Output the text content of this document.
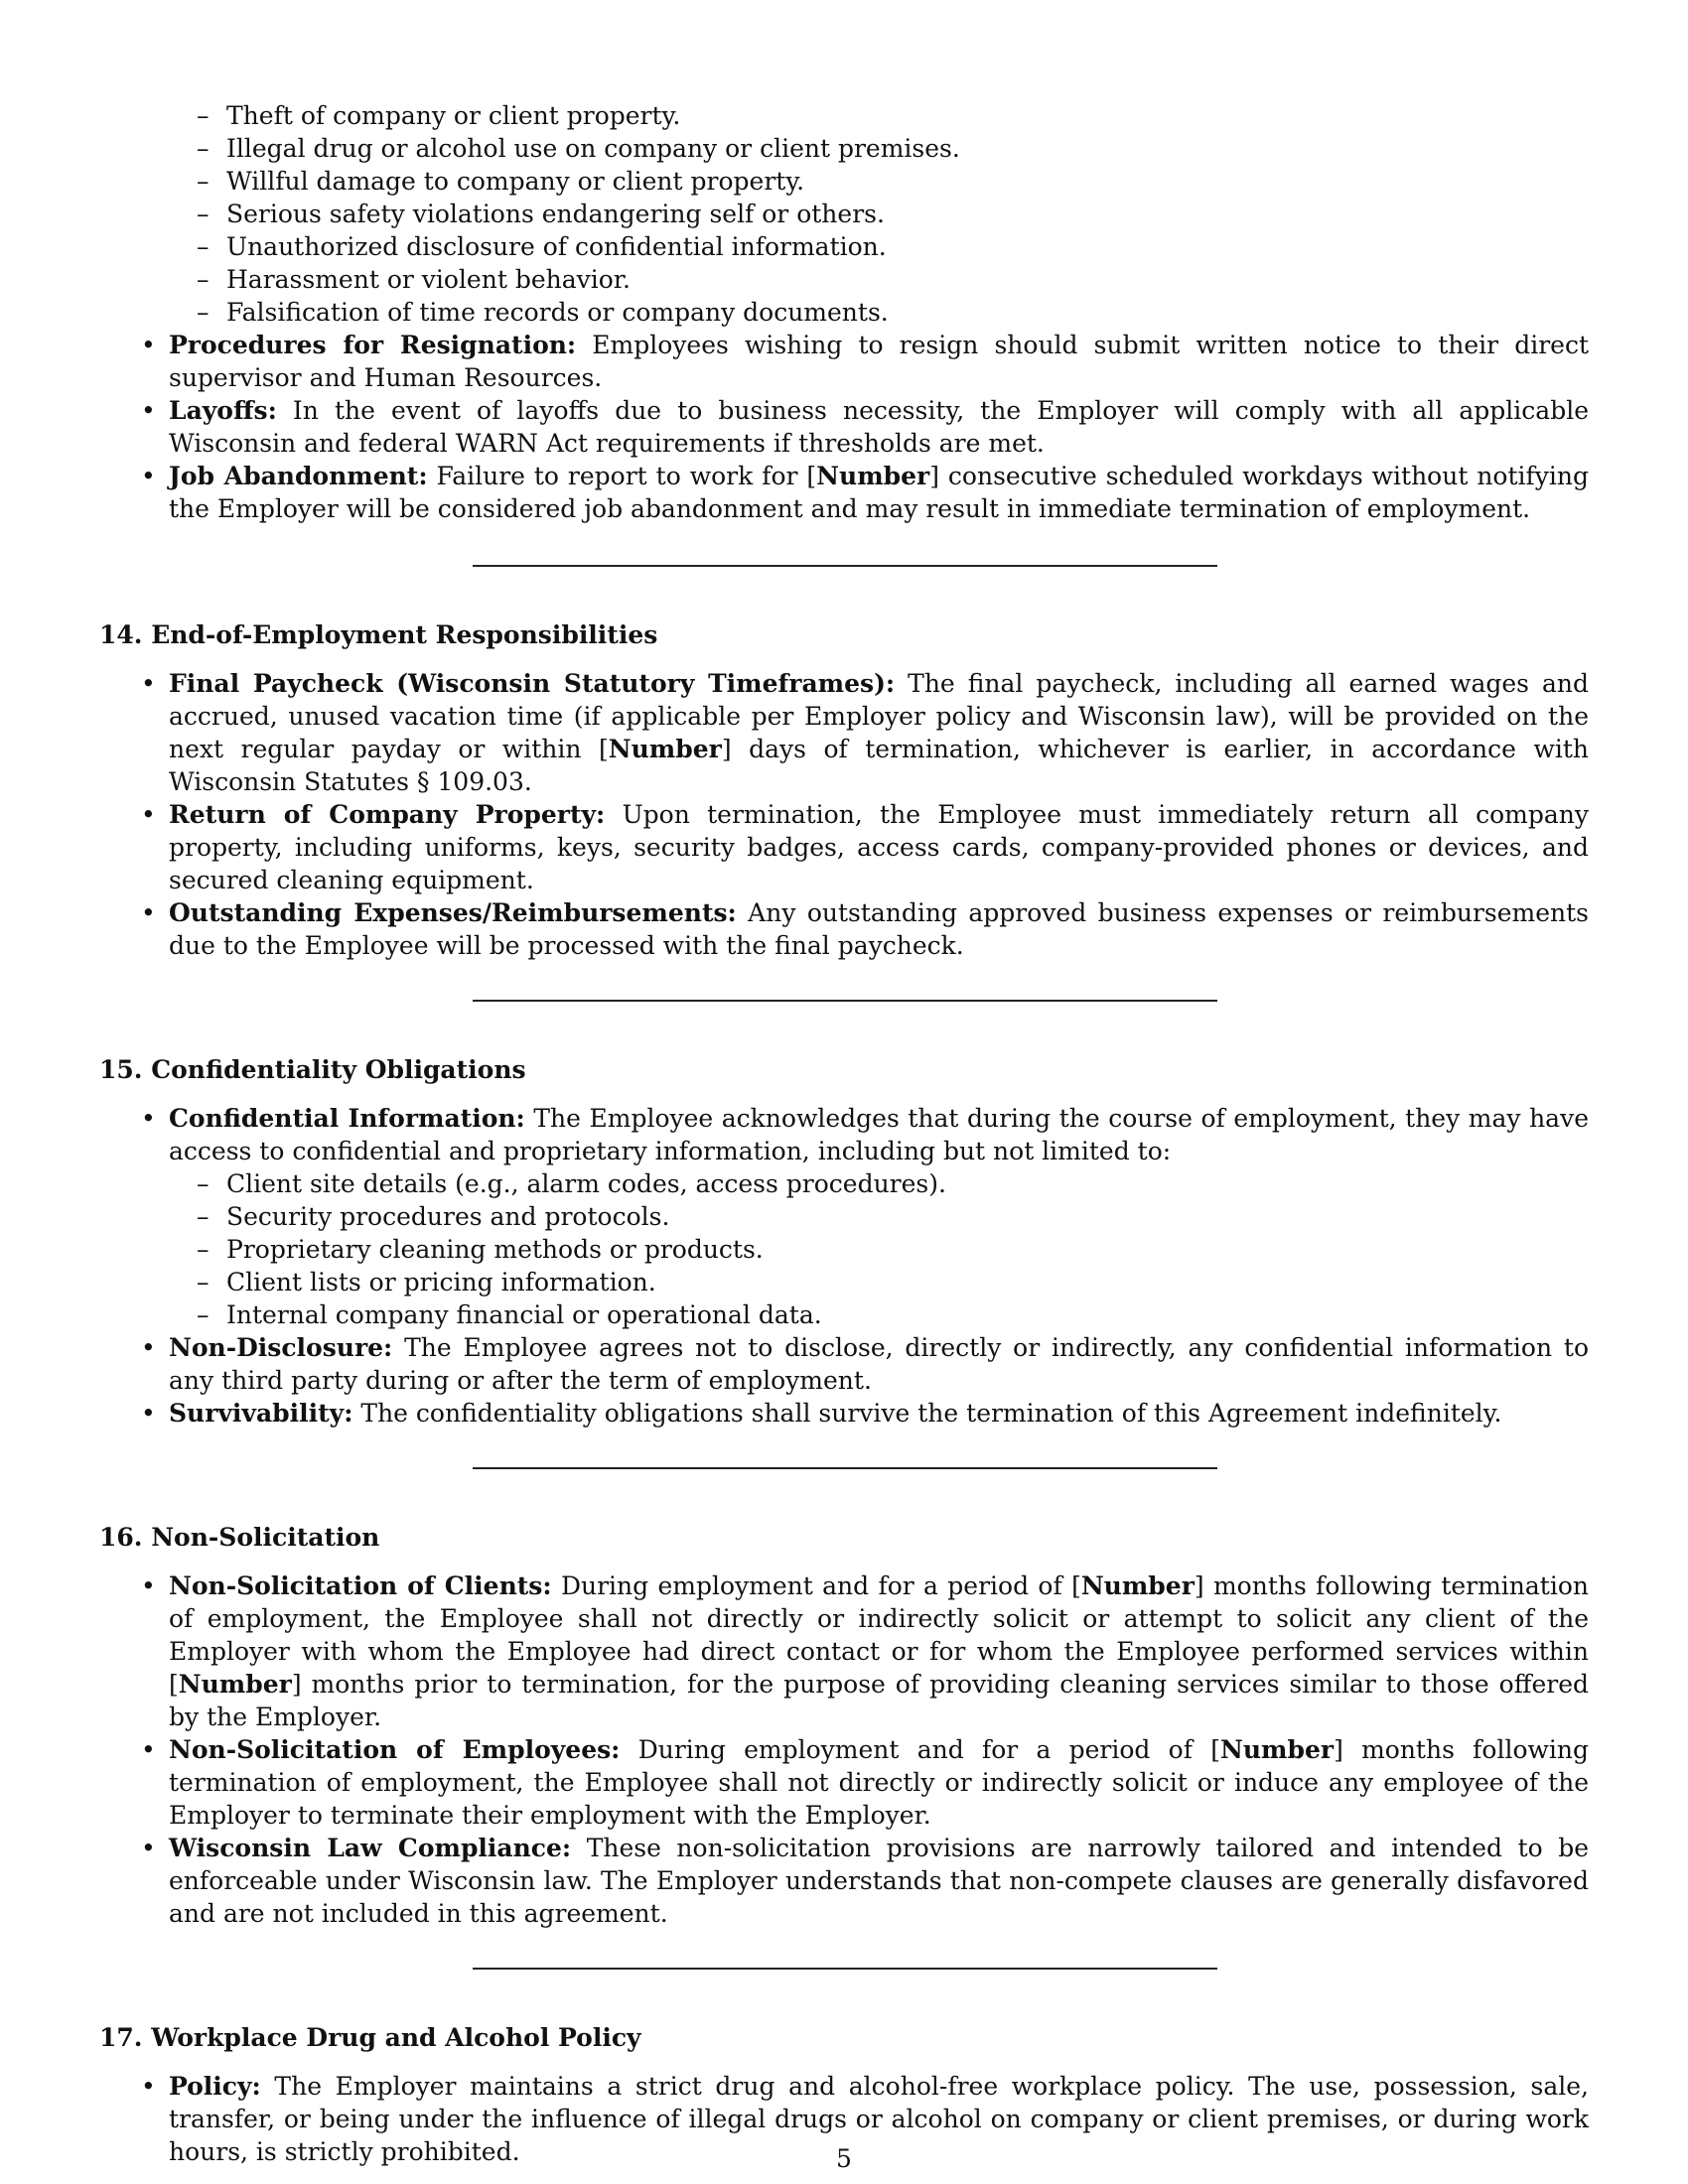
– Theft of company or client property.
– Illegal drug or alcohol use on company or client premises.
– Willful damage to company or client property.
– Serious safety violations endangering self or others.
– Unauthorized disclosure of confidential information.
– Harassment or violent behavior.
– Falsification of time records or company documents.
• Procedures for Resignation: Employees wishing to resign should submit written notice to their direct supervisor and Human Resources.
• Layoffs: In the event of layoffs due to business necessity, the Employer will comply with all applicable Wisconsin and federal WARN Act requirements if thresholds are met.
• Job Abandonment: Failure to report to work for [Number] consecutive scheduled workdays without notifying the Employer will be considered job abandonment and may result in immediate termination of employment.
14. End-of-Employment Responsibilities
• Final Paycheck (Wisconsin Statutory Timeframes): The final paycheck, including all earned wages and accrued, unused vacation time (if applicable per Employer policy and Wisconsin law), will be provided on the next regular payday or within [Number] days of termination, whichever is earlier, in accordance with Wisconsin Statutes § 109.03.
• Return of Company Property: Upon termination, the Employee must immediately return all company property, including uniforms, keys, security badges, access cards, company-provided phones or devices, and secured cleaning equipment.
• Outstanding Expenses/Reimbursements: Any outstanding approved business expenses or reimbursements due to the Employee will be processed with the final paycheck.
15. Confidentiality Obligations
• Confidential Information: The Employee acknowledges that during the course of employment, they may have access to confidential and proprietary information, including but not limited to:
– Client site details (e.g., alarm codes, access procedures).
– Security procedures and protocols.
– Proprietary cleaning methods or products.
– Client lists or pricing information.
– Internal company financial or operational data.
• Non-Disclosure: The Employee agrees not to disclose, directly or indirectly, any confidential information to any third party during or after the term of employment.
• Survivability: The confidentiality obligations shall survive the termination of this Agreement indefinitely.
16. Non-Solicitation
• Non-Solicitation of Clients: During employment and for a period of [Number] months following termination of employment, the Employee shall not directly or indirectly solicit or attempt to solicit any client of the Employer with whom the Employee had direct contact or for whom the Employee performed services within [Number] months prior to termination, for the purpose of providing cleaning services similar to those offered by the Employer.
• Non-Solicitation of Employees: During employment and for a period of [Number] months following termination of employment, the Employee shall not directly or indirectly solicit or induce any employee of the Employer to terminate their employment with the Employer.
• Wisconsin Law Compliance: These non-solicitation provisions are narrowly tailored and intended to be enforceable under Wisconsin law. The Employer understands that non-compete clauses are generally disfavored and are not included in this agreement.
17. Workplace Drug and Alcohol Policy
• Policy: The Employer maintains a strict drug and alcohol-free workplace policy. The use, possession, sale, transfer, or being under the influence of illegal drugs or alcohol on company or client premises, or during work hours, is strictly prohibited.	5
